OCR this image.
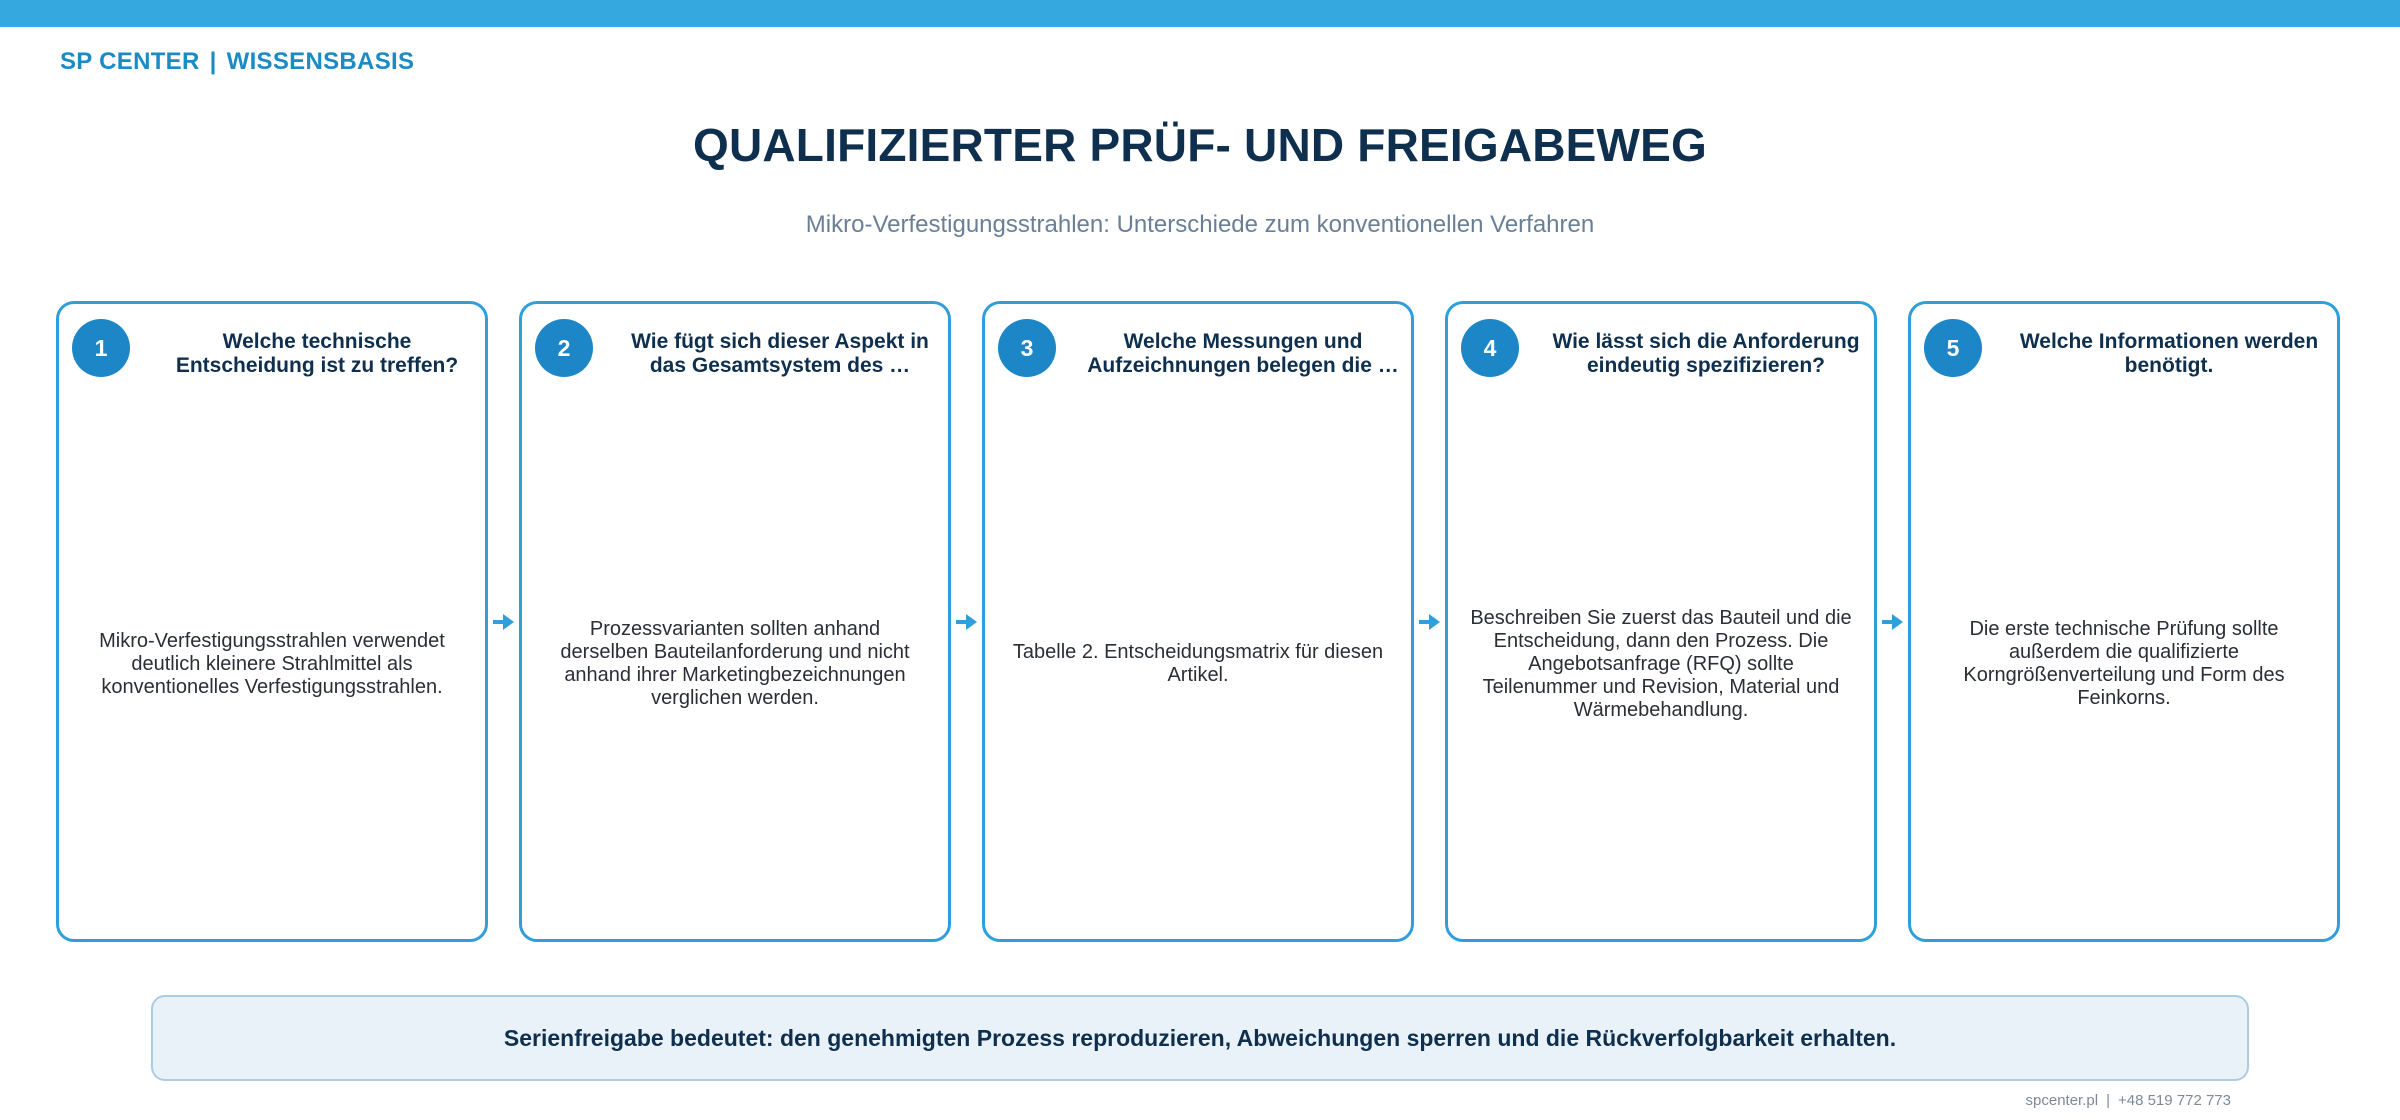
SP CENTER | WISSENSBASIS
QUALIFIZIERTER PRÜF- UND FREIGABEWEG
Mikro-Verfestigungsstrahlen: Unterschiede zum konventionellen Verfahren
1	Welche technische Entscheidung ist zu treffen?
Mikro-Verfestigungsstrahlen verwendet deutlich kleinere Strahlmittel als konventionelles Verfestigungsstrahlen.
2	Wie fügt sich dieser Aspekt in das Gesamtsystem des …
Prozessvarianten sollten anhand derselben Bauteilanforderung und nicht anhand ihrer Marketingbezeichnungen verglichen werden.
3	Welche Messungen und Aufzeichnungen belegen die …
Tabelle 2. Entscheidungsmatrix für diesen Artikel.
4	Wie lässt sich die Anforderung eindeutig spezifizieren?
Beschreiben Sie zuerst das Bauteil und die Entscheidung, dann den Prozess. Die Angebotsanfrage (RFQ) sollte Teilenummer und Revision, Material und Wärmebehandlung.
5	Welche Informationen werden benötigt.
Die erste technische Prüfung sollte außerdem die qualifizierte Korngrößenverteilung und Form des Feinkorns.
Serienfreigabe bedeutet: den genehmigten Prozess reproduzieren, Abweichungen sperren und die Rückverfolgbarkeit erhalten.
spcenter.pl | +48 519 772 773
